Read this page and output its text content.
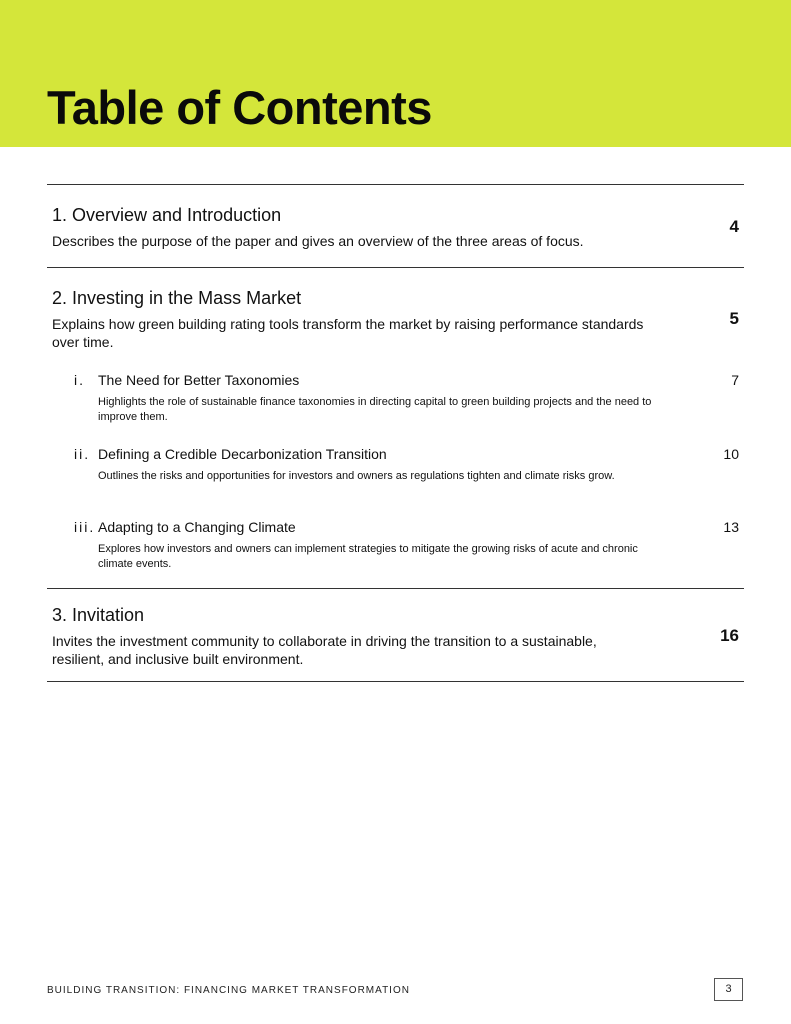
Table of Contents
1. Overview and Introduction

Describes the purpose of the paper and gives an overview of the three areas of focus.

4
2. Investing in the Mass Market

Explains how green building rating tools transform the market by raising performance standards over time.

5
i. The Need for Better Taxonomies

Highlights the role of sustainable finance taxonomies in directing capital to green building projects and the need to improve them.

7
ii. Defining a Credible Decarbonization Transition

Outlines the risks and opportunities for investors and owners as regulations tighten and climate risks grow.

10
iii. Adapting to a Changing Climate

Explores how investors and owners can implement strategies to mitigate the growing risks of acute and chronic climate events.

13
3. Invitation

Invites the investment community to collaborate in driving the transition to a sustainable, resilient, and inclusive built environment.

16

BUILDING TRANSITION: FINANCING MARKET TRANSFORMATION	3
